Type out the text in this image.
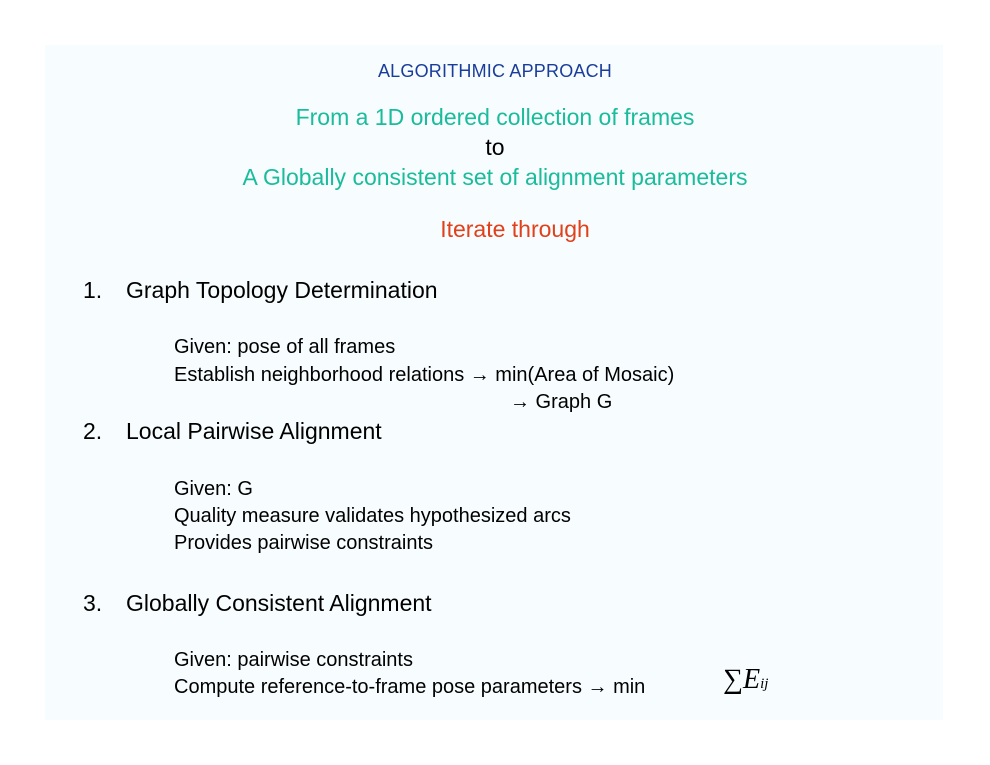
ALGORITHMIC APPROACH
From a 1D ordered collection of frames
to
A Globally consistent set of alignment parameters
Iterate through
1. Graph Topology Determination
Given: pose of all frames
Establish neighborhood relations → min(Area of Mosaic)
→ Graph G
2. Local Pairwise Alignment
Given: G
Quality measure validates hypothesized arcs
Provides pairwise constraints
3. Globally Consistent Alignment
Given: pairwise constraints
Compute reference-to-frame pose parameters → min	∑Eij
